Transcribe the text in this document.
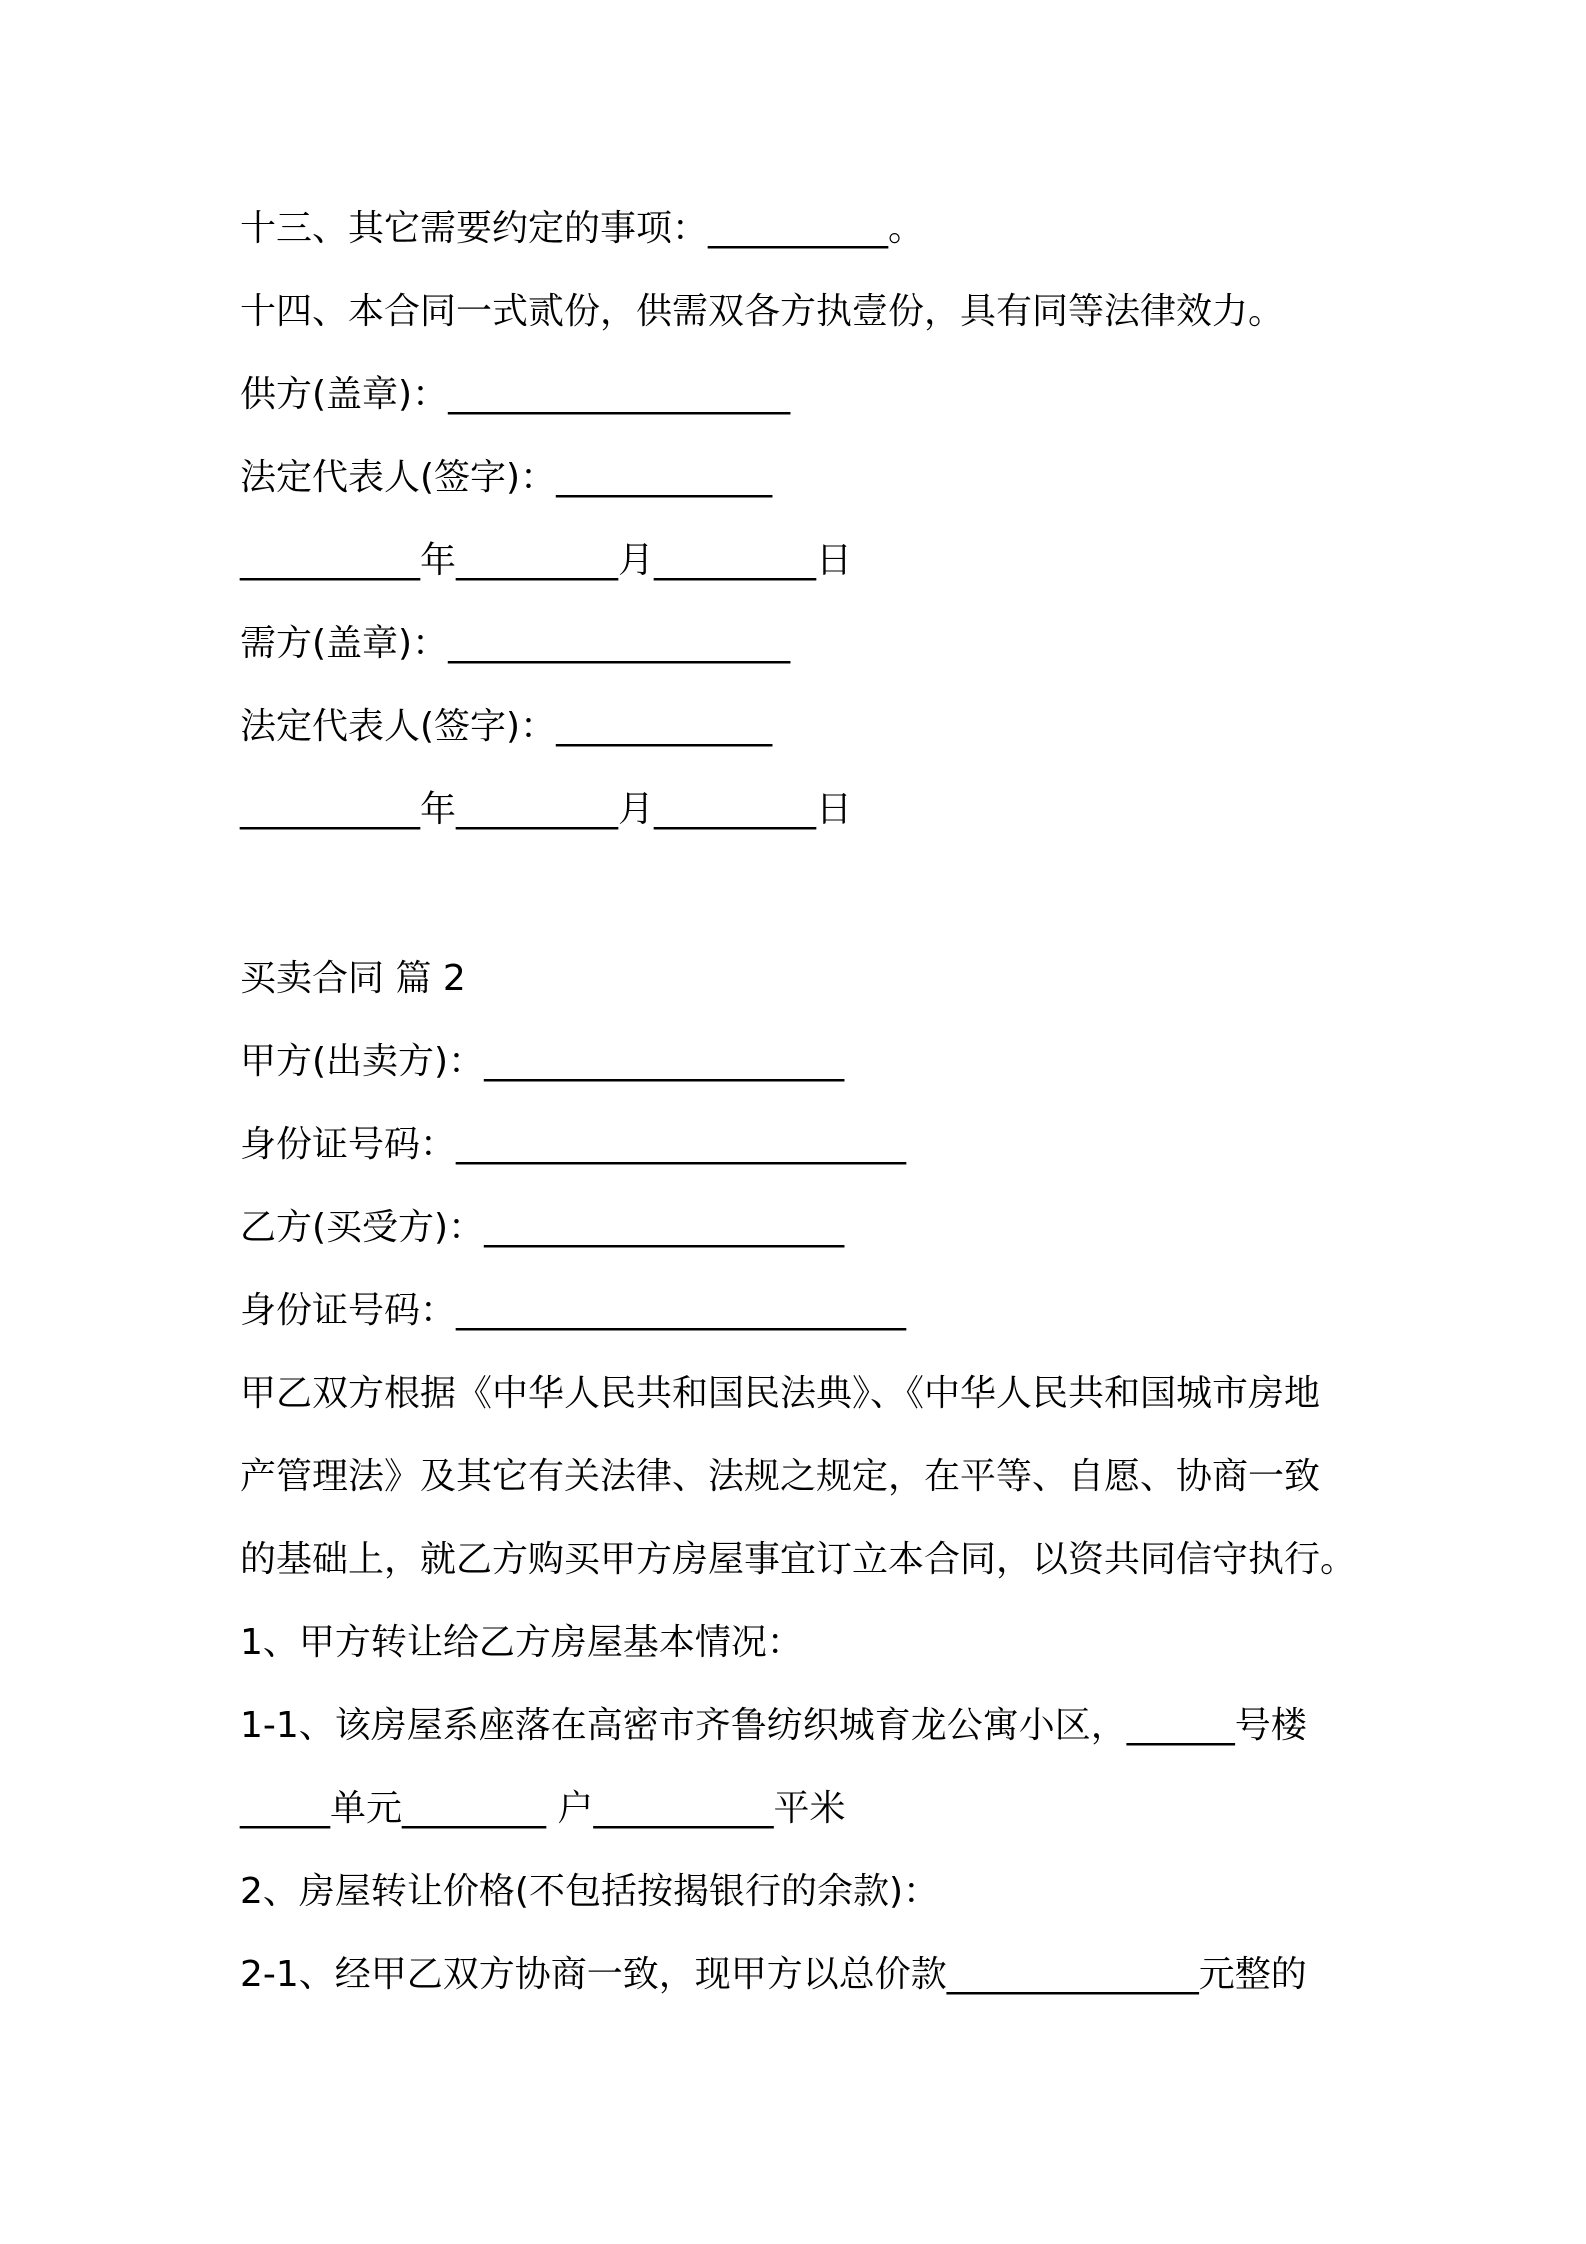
十三、其它需要约定的事项：__________。
十四、本合同一式贰份，供需双各方执壹份，具有同等法律效力。
供方(盖章)：___________________
法定代表人(签字)：____________
__________年_________月_________日
需方(盖章)：___________________
法定代表人(签字)：____________
__________年_________月_________日
买卖合同 篇 2
甲方(出卖方)：____________________
身份证号码：_________________________
乙方(买受方)：____________________
身份证号码：_________________________
甲乙双方根据《中华人民共和国民法典》、《中华人民共和国城市房地
产管理法》及其它有关法律、法规之规定，在平等、自愿、协商一致
的基础上，就乙方购买甲方房屋事宜订立本合同，以资共同信守执行。
1、甲方转让给乙方房屋基本情况：
1-1、该房屋系座落在高密市齐鲁纺织城育龙公寓小区，______号楼
_____单元________ 户__________平米
2、房屋转让价格(不包括按揭银行的余款)：
2-1、经甲乙双方协商一致，现甲方以总价款______________元整的
